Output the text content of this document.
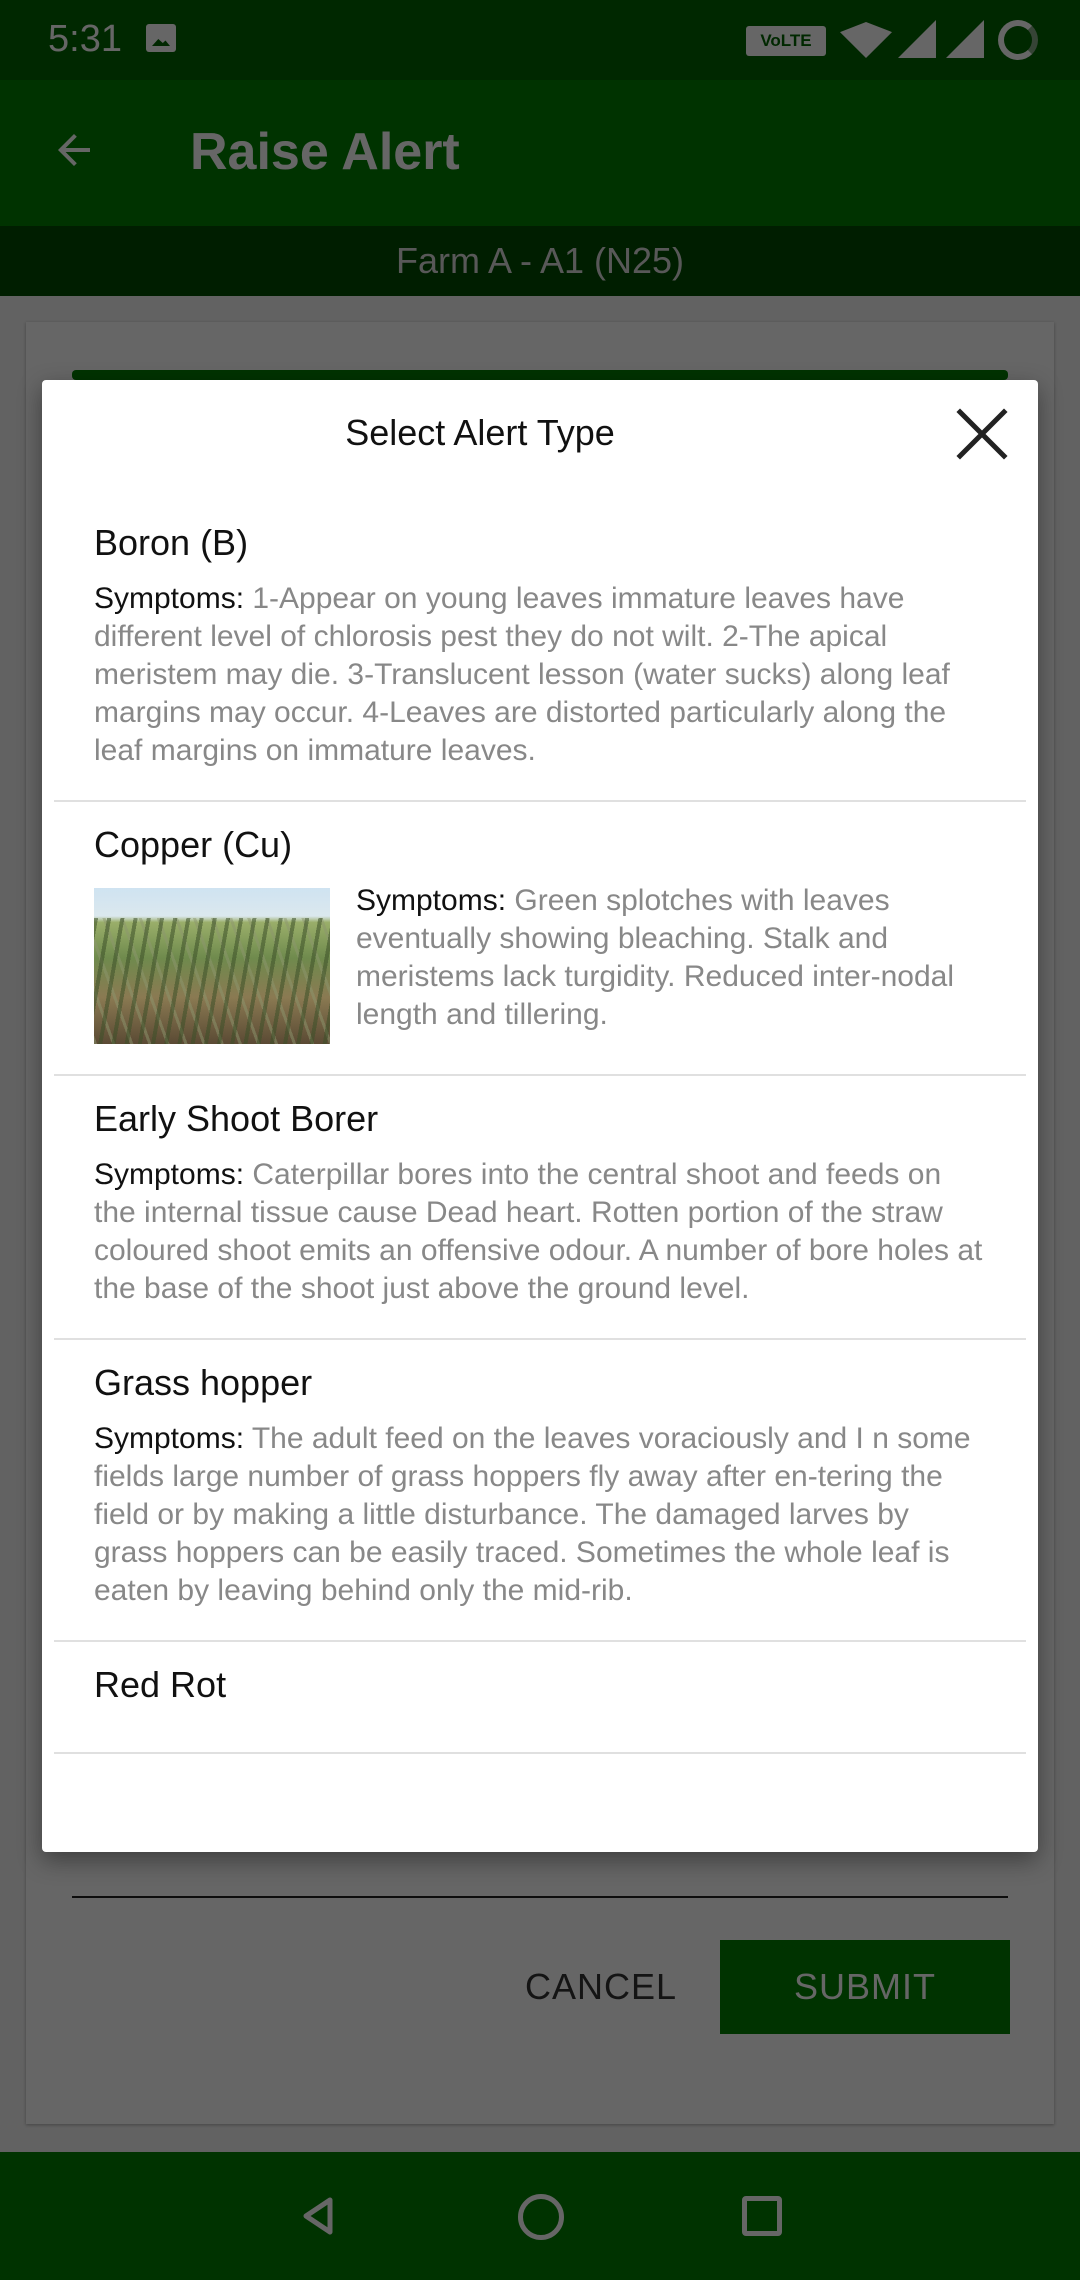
Select Alert Type
Boron (B)
Symptoms: 1-Appear on young leaves immature leaves have different level of chlorosis pest they do not wilt. 2-The apical meristem may die. 3-Translucent lesson (water sucks) along leaf margins may occur. 4-Leaves are distorted particularly along the leaf margins on immature leaves.
Copper (Cu)
Symptoms: Green splotches with leaves eventually showing bleaching. Stalk and meristems lack turgidity. Reduced inter-nodal length and tillering.
Early Shoot Borer
Symptoms: Caterpillar bores into the central shoot and feeds on the internal tissue cause Dead heart. Rotten portion of the straw coloured shoot emits an offensive odour. A number of bore holes at the base of the shoot just above the ground level.
Grass hopper
Symptoms: The adult feed on the leaves voraciously and I n some fields large number of grass hoppers fly away after en-tering the field or by making a little disturbance. The damaged larves by grass hoppers can be easily traced. Sometimes the whole leaf is eaten by leaving behind only the mid-rib.
Red Rot
